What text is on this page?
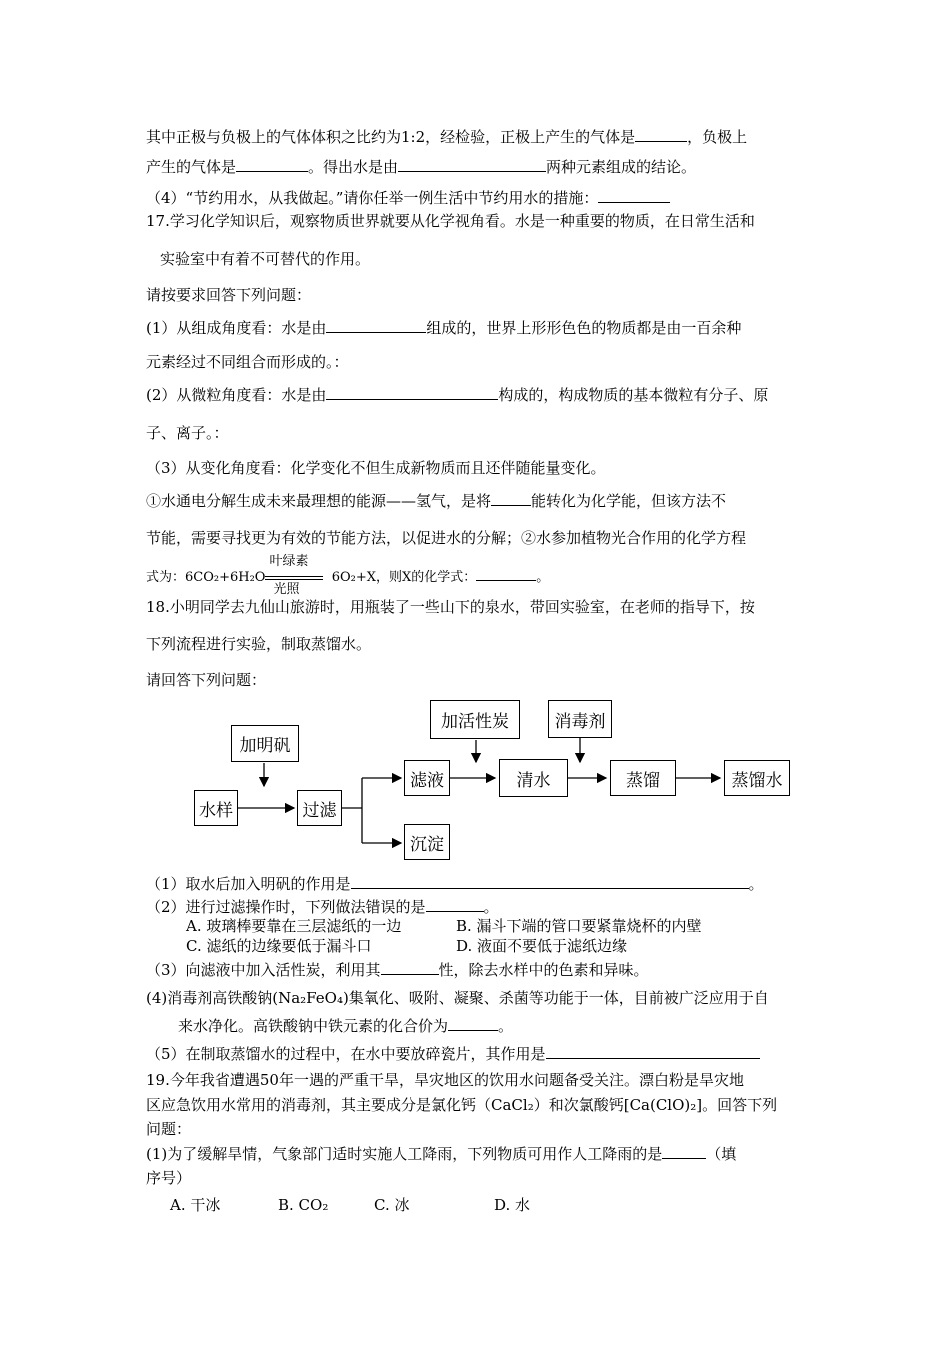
其中正极与负极上的气体体积之比约为1:2，经检验，正极上产生的气体是	，负极上
产生的气体是	。得出水是由	两种元素组成的结论。
（4）“节约用水，从我做起。”请你任举一例生活中节约用水的措施：
17.学习化学知识后，观察物质世界就要从化学视角看。水是一种重要的物质，在日常生活和
实验室中有着不可替代的作用。
请按要求回答下列问题：
(1）从组成角度看：水是由	组成的，世界上形形色色的物质都是由一百余种
元素经过不同组合而形成的。：
(2）从微粒角度看：水是由	构成的，构成物质的基本微粒有分子、原
子、离子。：
（3）从变化角度看：化学变化不但生成新物质而且还伴随能量变化。
①水通电分解生成未来最理想的能源——氢气，是将	能转化为化学能，但该方法不
节能，需要寻找更为有效的节能方法，以促进水的分解；②水参加植物光合作用的化学方程
式为：$6CO_2+6H_2O \frac{\text{叶绿素}}{\text{光照}} 6O_2+X$，则X的化学式：	。
18.小明同学去九仙山旅游时，用瓶装了一些山下的泉水，带回实验室，在老师的指导下，按
下列流程进行实验，制取蒸馏水。
请回答下列问题：
加明矾
水样	过滤
滤液
沉淀
加活性炭
清水
消毒剂
蒸馏	蒸馏水
（1）取水后加入明矾的作用是	。
（2）进行过滤操作时，下列做法错误的是	。
A. 玻璃棒要靠在三层滤纸的一边	B. 漏斗下端的管口要紧靠烧杯的内壁
C. 滤纸的边缘要低于漏斗口	D. 液面不要低于滤纸边缘
（3）向滤液中加入活性炭，利用其	性，除去水样中的色素和异味。
(4)消毒剂高铁酸钠(Na₂FeO₄)集氧化、吸附、凝聚、杀菌等功能于一体，目前被广泛应用于自
来水净化。高铁酸钠中铁元素的化合价为	。
（5）在制取蒸馏水的过程中，在水中要放碎瓷片，其作用是
19.今年我省遭遇50年一遇的严重干旱，旱灾地区的饮用水问题备受关注。漂白粉是旱灾地
区应急饮用水常用的消毒剂，其主要成分是氯化钙（CaCl₂）和次氯酸钙[Ca(ClO)₂]。回答下列
问题：
(1)为了缓解旱情，气象部门适时实施人工降雨，下列物质可用作人工降雨的是	（填
序号）
A. 干冰	B. CO₂	C. 冰	D. 水
